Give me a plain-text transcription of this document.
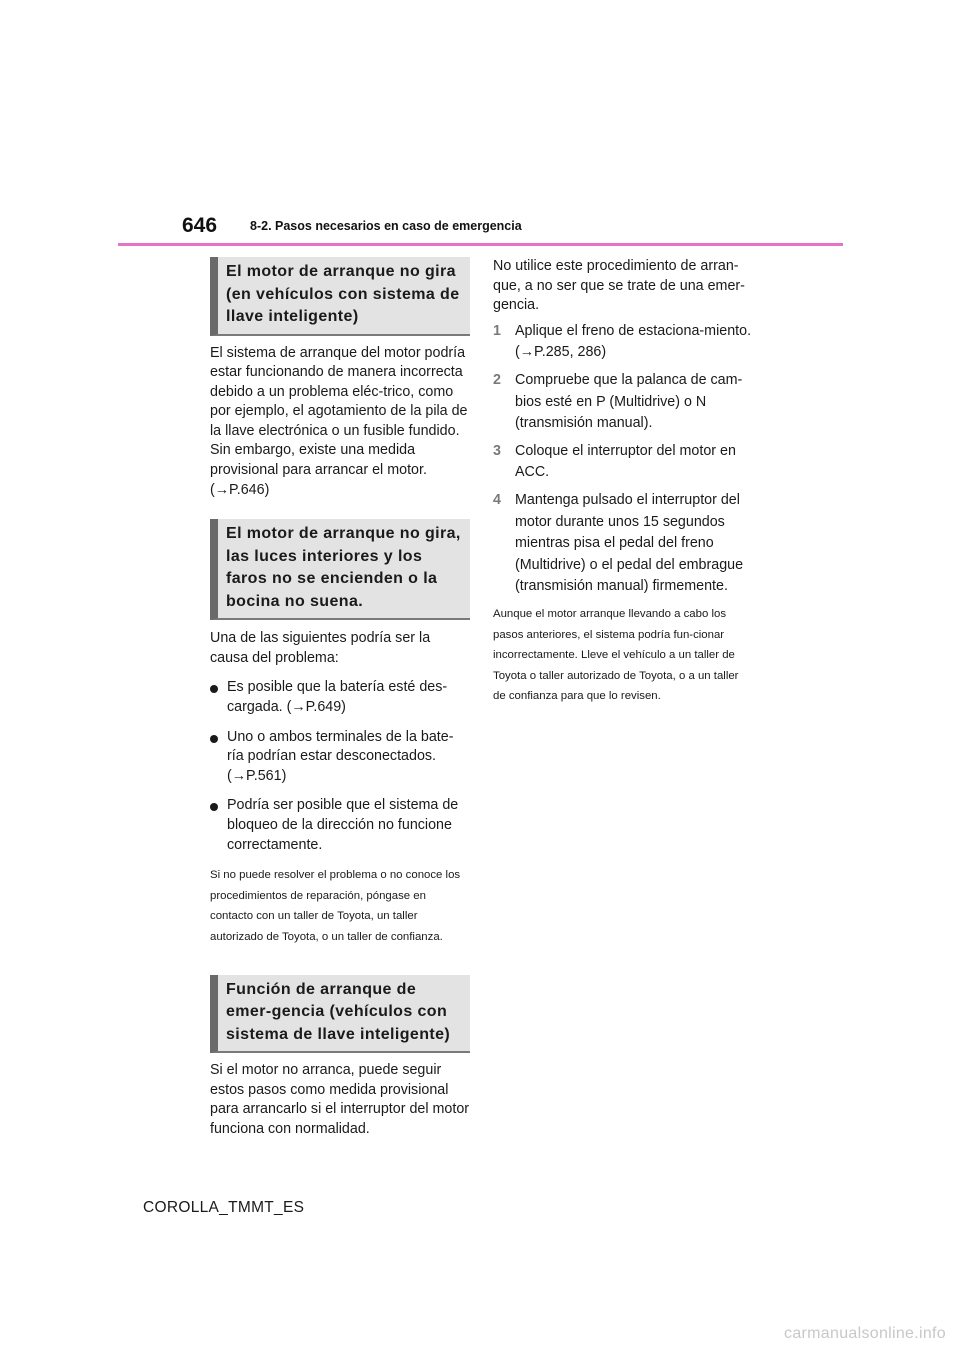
646	8-2. Pasos necesarios en caso de emergencia
El motor de arranque no gira (en vehículos con sistema de llave inteligente)

El sistema de arranque del motor podría estar funcionando de manera incorrecta debido a un problema eléc-trico, como por ejemplo, el agotamiento de la pila de la llave electrónica o un fusible fundido. Sin embargo, existe una medida provisional para arrancar el motor. (→P.646)

El motor de arranque no gira, las luces interiores y los faros no se encienden o la bocina no suena.

Una de las siguientes podría ser la causa del problema:

Es posible que la batería esté des-cargada. (→P.649)
Uno o ambos terminales de la bate-ría podrían estar desconectados. (→P.561)
Podría ser posible que el sistema de bloqueo de la dirección no funcione correctamente.

Si no puede resolver el problema o no conoce los procedimientos de reparación, póngase en contacto con un taller de Toyota, un taller autorizado de Toyota, o un taller de confianza.

Función de arranque de emer-gencia (vehículos con sistema de llave inteligente)

Si el motor no arranca, puede seguir estos pasos como medida provisional para arrancarlo si el interruptor del motor funciona con normalidad.

No utilice este procedimiento de arran-que, a no ser que se trate de una emer-gencia.

1 Aplique el freno de estaciona-miento. (→P.285, 286)
2 Compruebe que la palanca de cam-bios esté en P (Multidrive) o N (transmisión manual).
3 Coloque el interruptor del motor en ACC.
4 Mantenga pulsado el interruptor del motor durante unos 15 segundos mientras pisa el pedal del freno (Multidrive) o el pedal del embrague (transmisión manual) firmemente.

Aunque el motor arranque llevando a cabo los pasos anteriores, el sistema podría fun-cionar incorrectamente. Lleve el vehículo a un taller de Toyota o taller autorizado de Toyota, o a un taller de confianza para que lo revisen.

COROLLA_TMMT_ES
carmanualsonline.info
